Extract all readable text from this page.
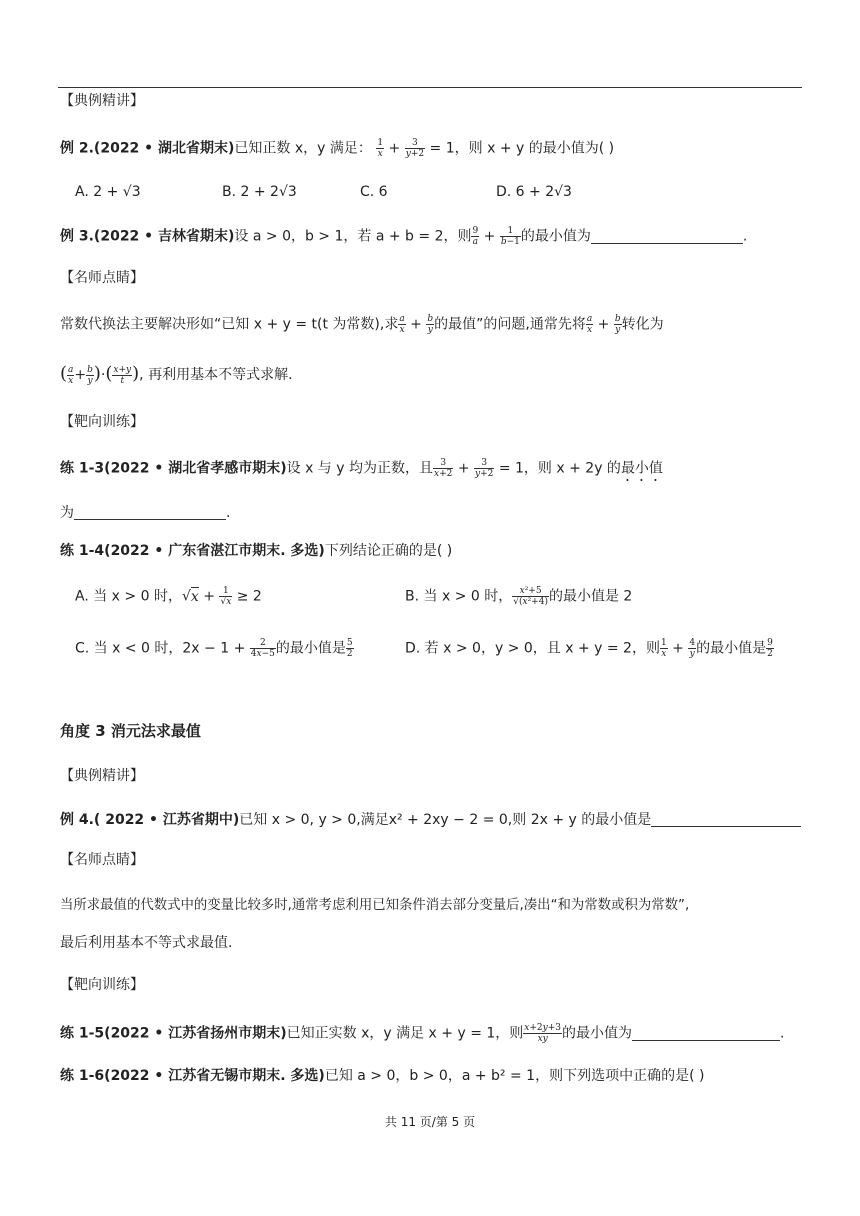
【典例精讲】
例 2.(2022 • 湖北省期末)已知正数 x，y 满足： $\frac{1}{x} + \frac{3}{y+2} = 1$，则 x + y 的最小值为( )
A. 2 + √3	B. 2 + 2√3	C. 6	D. 6 + 2√3
例 3.(2022 • 吉林省期末)设 a > 0，b > 1，若 a + b = 2，则 $\frac{9}{a} + \frac{1}{b-1}$ 的最小值为	.
【名师点睛】
常数代换法主要解决形如“已知 x + y = t(t 为常数),求 $\frac{a}{x} + \frac{b}{y}$ 的最值”的问题,通常先将 $\frac{a}{x} + \frac{b}{y}$ 转化为
( $\frac{a}{x} + \frac{b}{y}$ )·( $\frac{x+y}{t}$ ), 再利用基本不等式求解.
【靶向训练】
练 1-3(2022 • 湖北省孝感市期末)设 x 与 y 均为正数，且 $\frac{3}{x+2} + \frac{3}{y+2} = 1$，则 x + 2y 的最小值
为	.
练 1-4(2022 • 广东省湛江市期末. 多选)下列结论正确的是( )
A. 当 x > 0 时，$√x + \frac{1}{√x} \ge 2$	B. 当 x > 0 时， $\frac{\text{x²+5}}{\text{√(x²+4)}}$ 的最小值是 2
C. 当 x < 0 时，$2x - 1 + \frac{2}{4x-5}$ 的最小值是 $\frac{5}{2}$	D. 若 x > 0，y > 0，且 x + y = 2，则 $\frac{1}{x} + \frac{4}{y}$ 的最小值是 $\frac{9}{2}$
角度 3 消元法求最值
【典例精讲】
例 4.( 2022 • 江苏省期中)已知 x > 0, y > 0,满足x² + 2xy − 2 = 0,则 2x + y 的最小值是
【名师点睛】
当所求最值的代数式中的变量比较多时,通常考虑利用已知条件消去部分变量后,凑出“和为常数或积为常数”,
最后利用基本不等式求最值.
【靶向训练】
练 1-5(2022 • 江苏省扬州市期末)已知正实数 x，y 满足 x + y = 1，则 $\frac{x+2y+3}{xy}$ 的最小值为	.
练 1-6(2022 • 江苏省无锡市期末. 多选)已知 a > 0，b > 0，a + b² = 1，则下列选项中正确的是( )
共 11 页/第 5 页
